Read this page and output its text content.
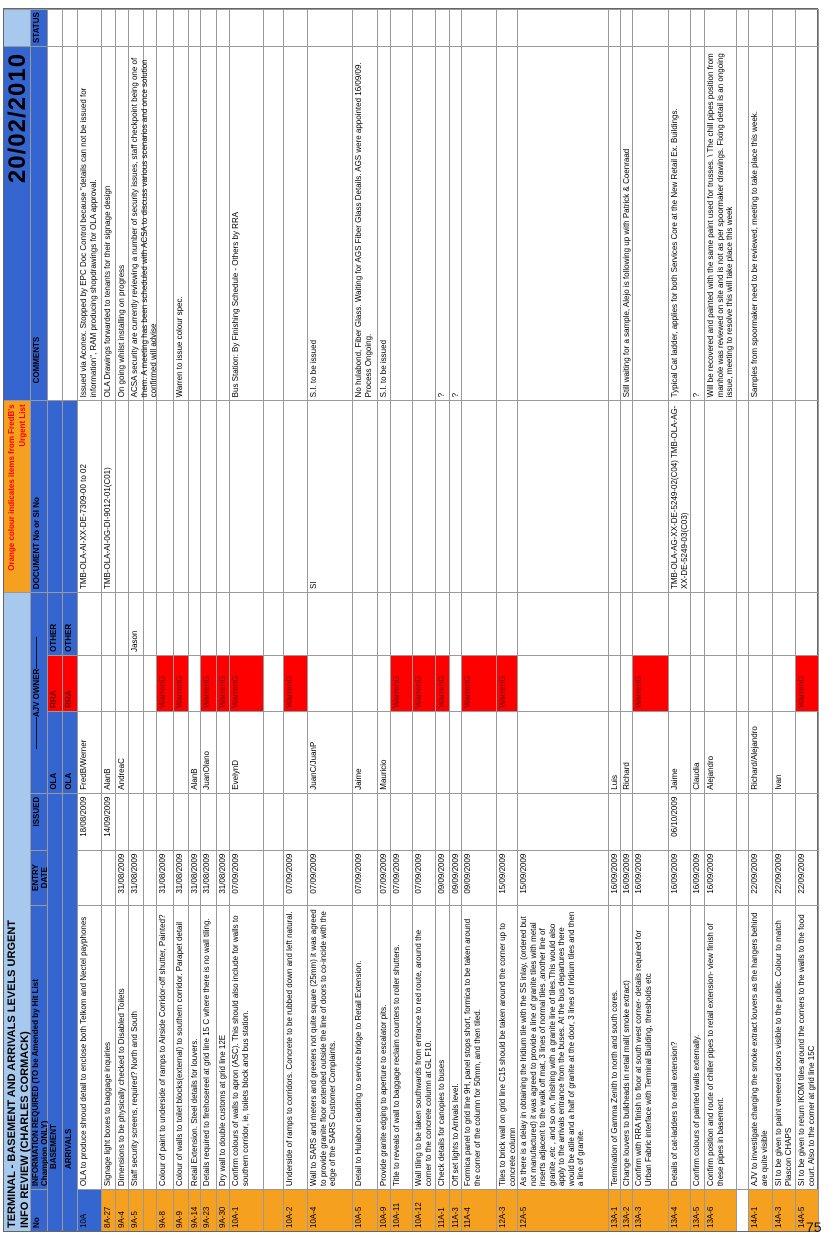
TERMINAL - BASEMENT AND ARRIVALS LEVELS URGENT INFO REVIEW (CHARLES CORMACK)
Orange colour indicates items from FredB's Urgent List
20/02/2010
No
INFORMATION REQUIRED (TO be Amended by Hit List Champion ONLY)
ENTRY DATE
ISSUED
————AJV OWNER————
DOCUMENT No or SI No
COMMENTS
STATUS
BASEMENT
OLA
RRA
OTHER
ARRIVALS
OLA
RRA
OTHER
10A
OLA to produce shroud detail to enclose both Telkom and Nectel payphones
18/08/2009
FredB/Werner
TMB-OLA-AI-XX-DE-7309-00 to 02
Issued via Aconex. Stopped by EPC Doc Control because "details can not be issued for information", RAM producing shopdrawings for OLA approval.
8A-27
Signage light boxes to baggage inquiries
14/09/2009
AlanB
TMB-OLA-AI-0G-DI-9012-01(C01)
OLA Drawings forwarded to tenants for their signage design
9A-4
Dimensions to be physically checked to Disabled Toilets
31/08/2009
AndreaC
On going whilst installing on progress
9A-5
Staff security screens, required? North and South
31/08/2009
Jason
ACSA security are currently reviewing a number of security issues, staff checkpoint being one of them. A meeting has been scheduled with ACSA to discuss various scenarios and once solution confirmed will advise
9A-8
Colour of paint to underside of ramps to Airside Corridor-off shutter, Painted?
31/08/2009
WarrenG
9A-9
Colour of walls to toilet blocks(external) to southern corridor. Parapet detail
31/08/2009
WarrenG
Warren to issue colour spec.
9A-14
Retail Extension. Steel details for louvers.
31/08/2009
AlanB
9A-23
Details required to firehosereel at grid line 15 C where there is no wall tiling.
31/08/2009
JuanOlano
WarrenG
9A-30
Dry wall to double customs at grid line 12E
31/08/2009
WarrenG
10A-1
Confirm colours of walls to apron (ASC). This should also include for walls to southern corridor, ie, toilets block and bus station.
07/09/2009
EvelynD
WarrenG
Bus Station: By Finishing Schedule - Others by RRA
10A-2
Underside of ramps to corridors. Concrete to be rubbed down and left natural.
07/09/2009
WarrenG
10A-4
Wall to SARS and meters and greeters not quite square (25mm) it was agreed to provide granite floor extended outside the line of doors to co-incide with the edge of the SARS Customer Complaints.
07/09/2009
JuanC/JuanP
SI
S.I. to be issued
10A-5
Detail to Hulabon cladding to service bridge to Retail Extension.
07/09/2009
Jaime
No hulabond, Fiber Glass. Waiting for AGS Fiber Glass Details. AGS were appointed 16/09/09. Process Ongoing.
10A-9
Provide granite edging to aperture to escalator pits.
07/09/2009
Mauricio
S.I. to be issued
10A-11
Title to reveals of wall to baggage reclaim counters to roller shutters.
07/09/2009
WarrenG
10A-12
Wall tiling to be taken southwards from entrance to red route, around the corner to the concrete column at GL F10.
07/09/2009
WarrenG
11A-1
Check details for canopies to buses
09/09/2009
WarrenG
?
11A-3
Off set lights to Arrivals level.
09/09/2009
?
11A-4
Formica panel to grid line 9H, panel stops short, formica to be taken around the corner of the column for 50mm, and then tiled.
09/09/2009
WarrenG
12A-3
Tiles to brick wall on grid line C15 should be taken around the corner up to concrete column
15/09/2009
WarrenG
12A-5
As there is a delay in obtaining the Iridium tile with the SS inlay, (ordered but not manufactured) it was agreed to provide a line of granite tiles with metal inserts adjacent to the walk off mat, 3 lines of normal tiles ,another line of granite ,etc , and so on, finishing with a granite line of tiles.This would also apply to the arrivals entrance from the buses. At the bus departures there would be atile and a half of granite at the door, 3 lines of Iridium tiles and then a line of granite.
15/09/2009
13A-1
Termination of Gamma Zenith to north and south cores.
16/09/2009
Luis
13A-2
Change louvers to bulkheads in retail mall( smoke extract)
16/09/2009
Richard
Still waiting for a sample, Alejo is following up with Patrick & Coenraad
13A-3
Confirm with RRA finish to floor at south west corner- details required for Urban Fabric interface with Terminal Building, thresholds etc
16/09/2009
WarrenG
13A-4
Details of cat-ladders to retail extension?
16/09/2009
06/10/2009
Jaime
TMB-OLA-AG-XX-DE-5249-02(C04) TMB-OLA-AG-XX-DE-5249-03(C03)
Typical Cat ladder, applies for both Services Core at the New Retail Ex. Buildings.
13A-5
Confirm colours of painted walls externally.
16/09/2009
Claudia
?
13A-6
Confirm position and route of chiller pipes to retail extension- view finish of these pipes in basement.
16/09/2009
Alejandro
Will be recovered and painted with the same paint used for trusses. \ The chill pipes position from manhole was reviewed on site and is not as per spoormaker drawings. Fixing detail is an ongoing issue, meeting to resolve this will take place this week
14A-1
AJV to investigate changing the smoke extract louvers as the hangers behind are quite visible
22/09/2009
Richard/Alejandro
Samples from spoormaker need to be reviewed, meeting to take place this week.
14A-3
SI to be given to paint veneered doors visible to the public. Colour to match Plascon CHAPS
22/09/2009
Ivan
14A-5
SI to be given to return IKOM tiles around the corners to the walls to the food court. Also to the corner at grid line 15C
22/09/2009
WarrenG
75
